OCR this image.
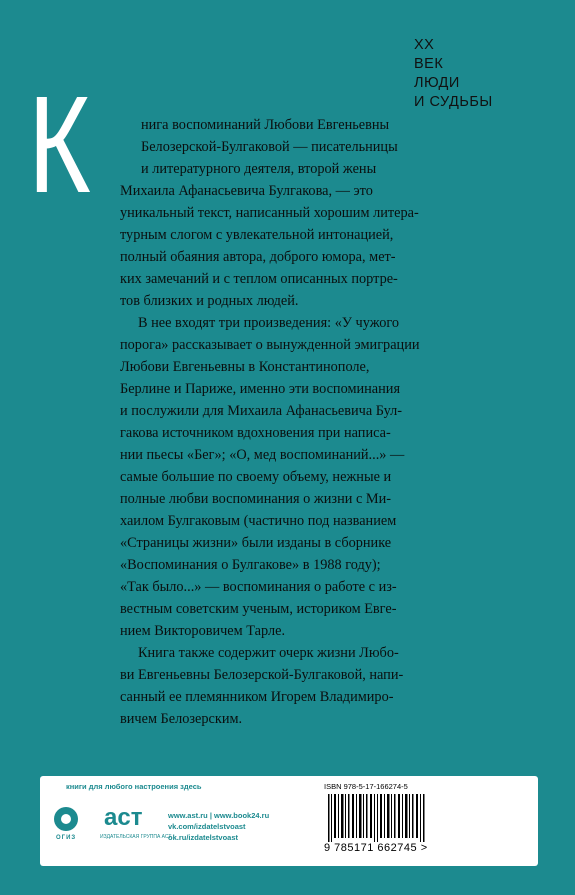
XX
ВЕК
ЛЮДИ
И СУДЬБЫ
К	нига воспоминаний Любови Евгеньевны
Белозерской-Булгаковой — писательницы
и литературного деятеля, второй жены
Михаила Афанасьевича Булгакова, — это
уникальный текст, написанный хорошим литера-
турным слогом с увлекательной интонацией,
полный обаяния автора, доброго юмора, мет-
ких замечаний и с теплом описанных портре-
тов близких и родных людей.
В нее входят три произведения: «У чужого
порога» рассказывает о вынужденной эмиграции
Любови Евгеньевны в Константинополе,
Берлине и Париже, именно эти воспоминания
и послужили для Михаила Афанасьевича Бул-
гакова источником вдохновения при написа-
нии пьесы «Бег»; «О, мед воспоминаний...» —
самые большие по своему объему, нежные и
полные любви воспоминания о жизни с Ми-
хаилом Булгаковым (частично под названием
«Страницы жизни» были изданы в сборнике
«Воспоминания о Булгакове» в 1988 году);
«Так было...» — воспоминания о работе с из-
вестным советским ученым, историком Евге-
нием Викторовичем Тарле.
Книга также содержит очерк жизни Любо-
ви Евгеньевны Белозерской-Булгаковой, напи-
санный ее племянником Игорем Владимиро-
вичем Белозерским.
книги для любого настроения здесь
ОГИЗ
аст
ИЗДАТЕЛЬСКАЯ ГРУППА АСТ
www.ast.ru | www.book24.ru
vk.com/izdatelstvoast
ok.ru/izdatelstvoast
ISBN 978-5-17-166274-5
9 785171 662745 >
